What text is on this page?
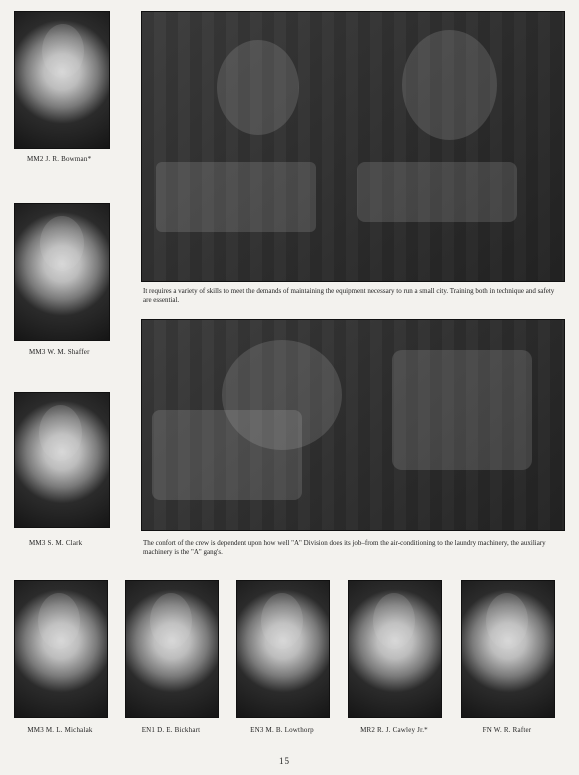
MM2 J. R. Bowman*
MM3 W. M. Shaffer
MM3 S. M. Clark
It requires a variety of skills to meet the demands of maintaining the equipment necessary to run a small city. Training both in technique and safety are essential.
The confort of the crew is dependent upon how well "A" Division does its job–from the air-conditioning to the laundry machinery, the auxiliary machinery is the "A" gang's.
MM3 M. L. Michalak	EN1 D. E. Bickhart	EN3 M. B. Lowthorp	MR2 R. J. Cawley Jr.*	FN W. R. Rafter
15
